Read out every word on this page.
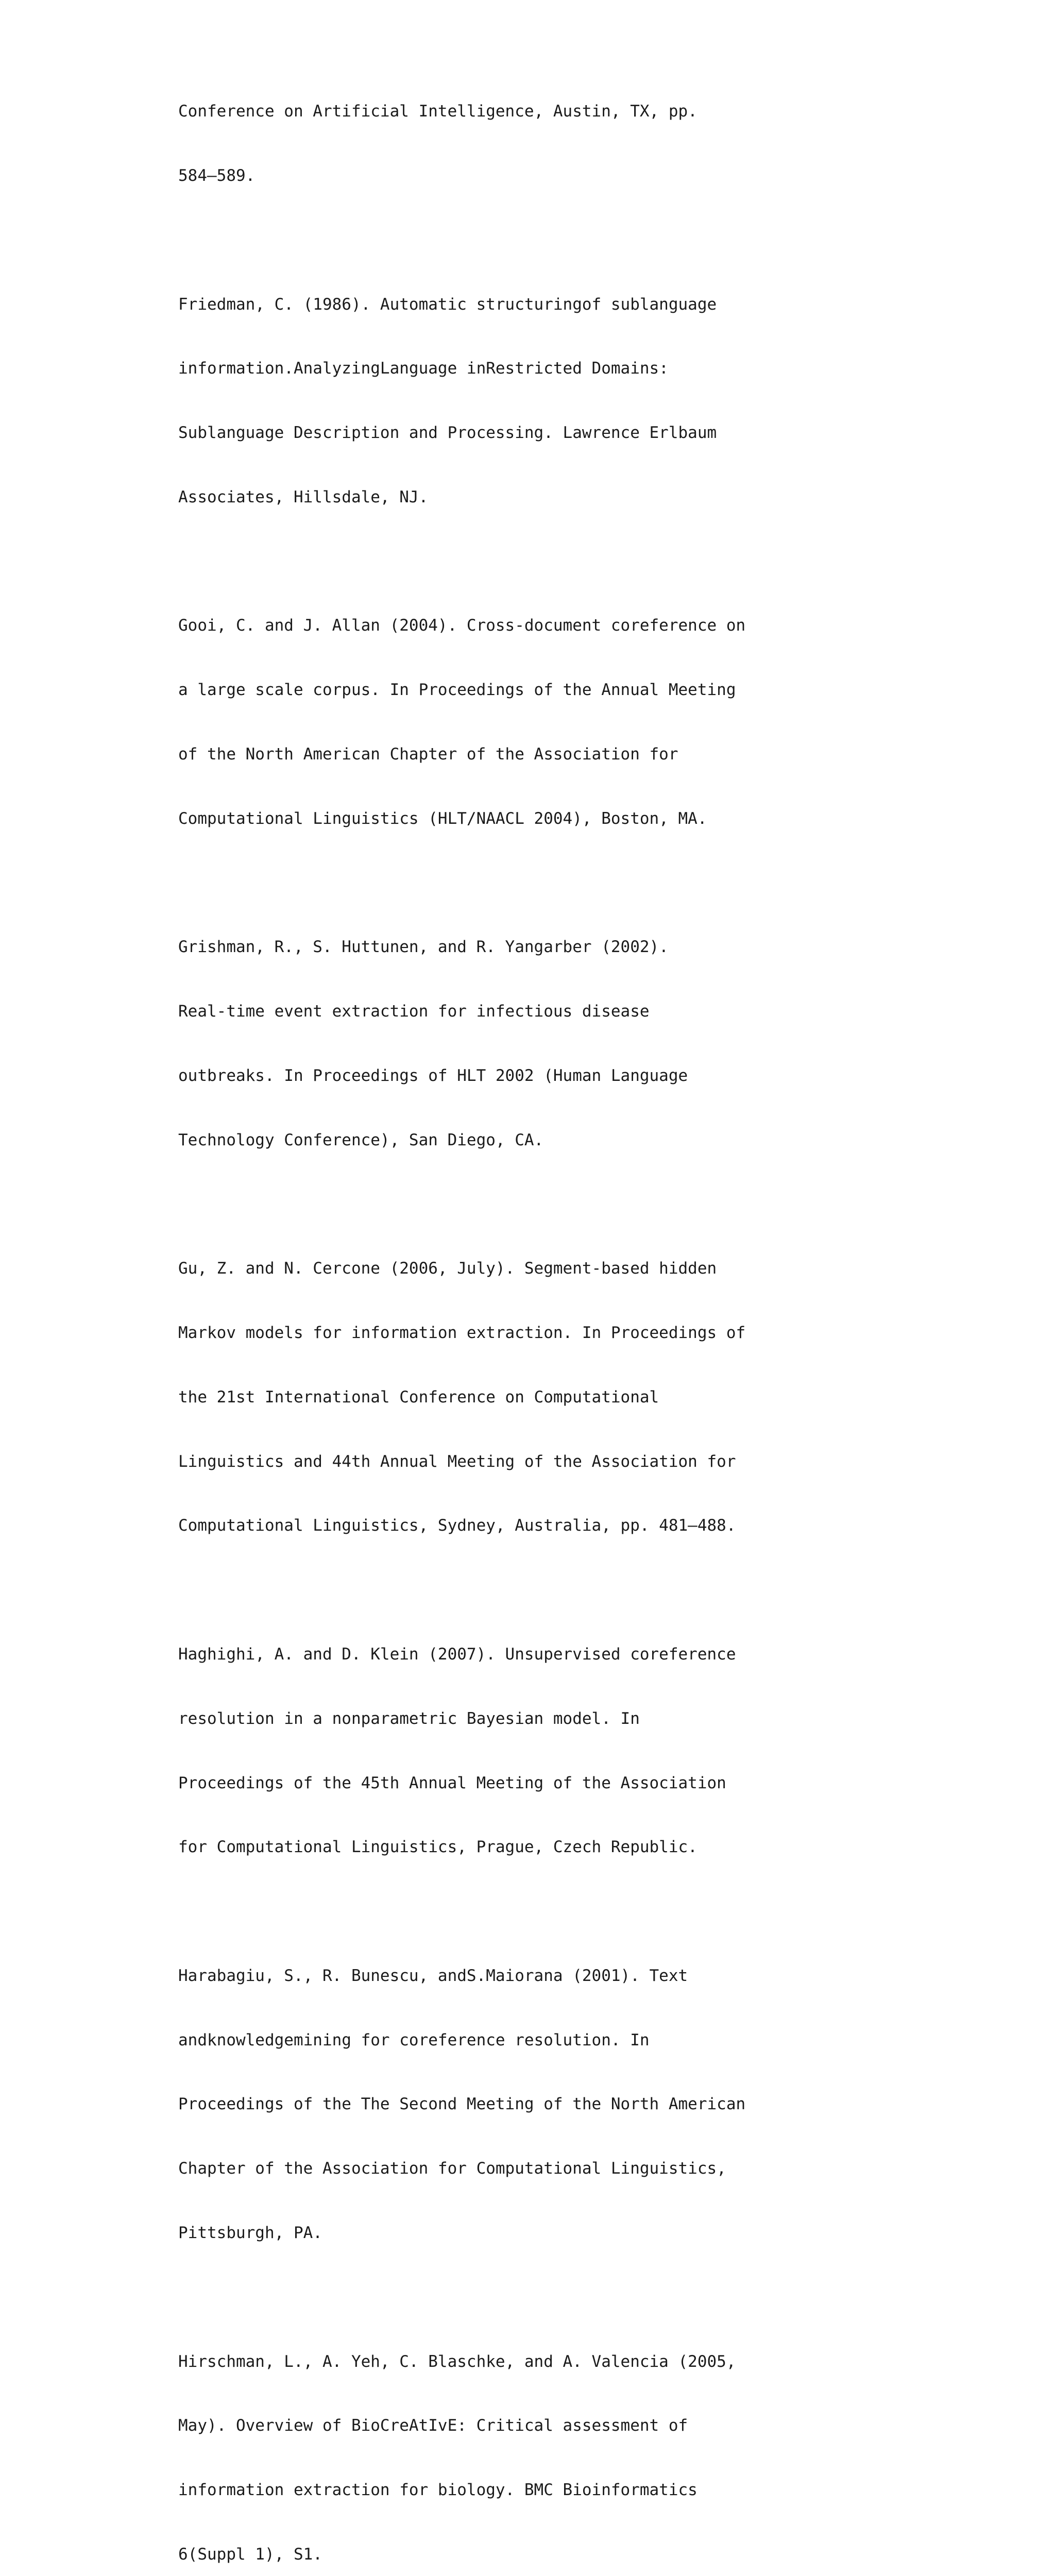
Conference on Artificial Intelligence, Austin, TX, pp.

584–589.

Friedman, C. (1986). Automatic structuringof sublanguage

information.AnalyzingLanguage inRestricted Domains:

Sublanguage Description and Processing. Lawrence Erlbaum

Associates, Hillsdale, NJ.

Gooi, C. and J. Allan (2004). Cross-document coreference on

a large scale corpus. In Proceedings of the Annual Meeting

of the North American Chapter of the Association for

Computational Linguistics (HLT/NAACL 2004), Boston, MA.

Grishman, R., S. Huttunen, and R. Yangarber (2002).

Real-time event extraction for infectious disease

outbreaks. In Proceedings of HLT 2002 (Human Language

Technology Conference), San Diego, CA.

Gu, Z. and N. Cercone (2006, July). Segment-based hidden

Markov models for information extraction. In Proceedings of

the 21st International Conference on Computational

Linguistics and 44th Annual Meeting of the Association for

Computational Linguistics, Sydney, Australia, pp. 481–488.

Haghighi, A. and D. Klein (2007). Unsupervised coreference

resolution in a nonparametric Bayesian model. In

Proceedings of the 45th Annual Meeting of the Association

for Computational Linguistics, Prague, Czech Republic.

Harabagiu, S., R. Bunescu, andS.Maiorana (2001). Text

andknowledgemining for coreference resolution. In

Proceedings of the The Second Meeting of the North American

Chapter of the Association for Computational Linguistics,

Pittsburgh, PA.

Hirschman, L., A. Yeh, C. Blaschke, and A. Valencia (2005,

May). Overview of BioCreAtIvE: Critical assessment of

information extraction for biology. BMC Bioinformatics

6(Suppl 1), S1.
